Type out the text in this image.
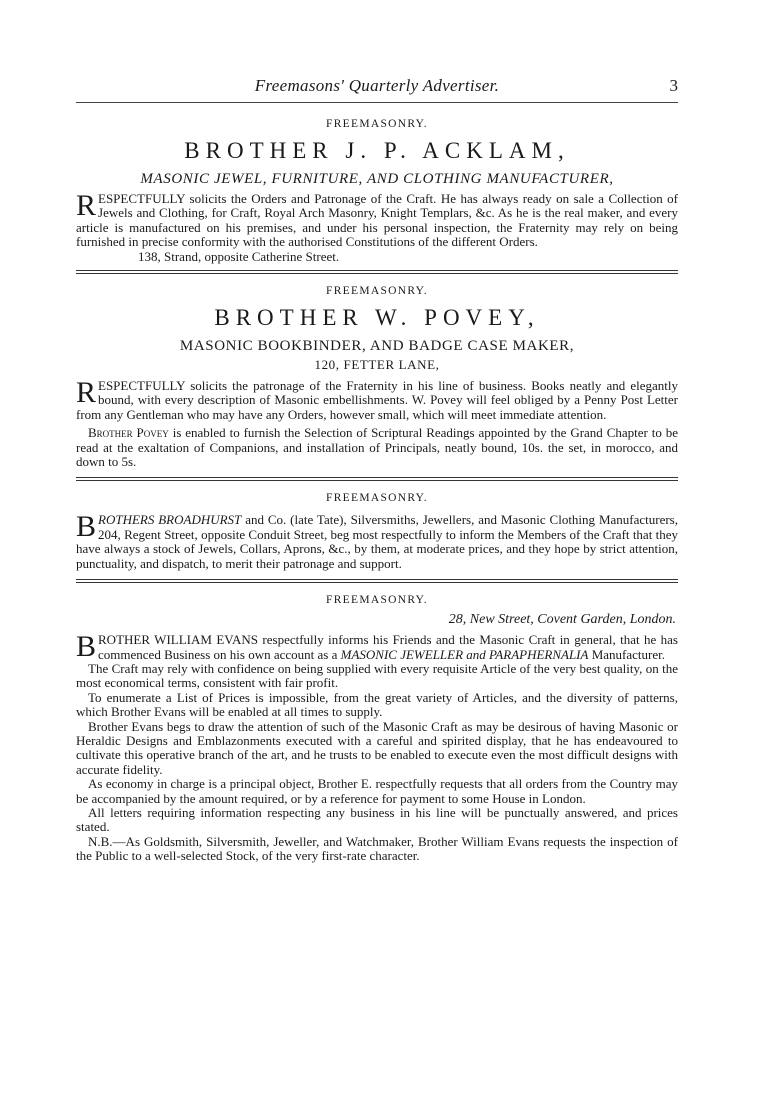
Freemasons' Quarterly Advertiser.	3
FREEMASONRY.
BROTHER J. P. ACKLAM,
MASONIC JEWEL, FURNITURE, AND CLOTHING MANUFACTURER,

RESPECTFULLY solicits the Orders and Patronage of the Craft. He has always ready on sale a Collection of Jewels and Clothing, for Craft, Royal Arch Masonry, Knight Templars, &c. As he is the real maker, and every article is manufactured on his premises, and under his personal inspection, the Fraternity may rely on being furnished in precise conformity with the authorised Constitutions of the different Orders.

138, Strand, opposite Catherine Street.
FREEMASONRY.
BROTHER W. POVEY,
MASONIC BOOKBINDER, AND BADGE CASE MAKER,
120, FETTER LANE,

RESPECTFULLY solicits the patronage of the Fraternity in his line of business. Books neatly and elegantly bound, with every description of Masonic embellishments. W. Povey will feel obliged by a Penny Post Letter from any Gentleman who may have any Orders, however small, which will meet immediate attention.

Brother Povey is enabled to furnish the Selection of Scriptural Readings appointed by the Grand Chapter to be read at the exaltation of Companions, and installation of Principals, neatly bound, 10s. the set, in morocco, and down to 5s.

FREEMASONRY.

BROTHERS BROADHURST and Co. (late Tate), Silversmiths, Jewellers, and Masonic Clothing Manufacturers, 204, Regent Street, opposite Conduit Street, beg most respectfully to inform the Members of the Craft that they have always a stock of Jewels, Collars, Aprons, &c., by them, at moderate prices, and they hope by strict attention, punctuality, and dispatch, to merit their patronage and support.

FREEMASONRY.
28, New Street, Covent Garden, London.

BROTHER WILLIAM EVANS respectfully informs his Friends and the Masonic Craft in general, that he has commenced Business on his own account as a MASONIC JEWELLER and PARAPHERNALIA Manufacturer.

The Craft may rely with confidence on being supplied with every requisite Article of the very best quality, on the most economical terms, consistent with fair profit.

To enumerate a List of Prices is impossible, from the great variety of Articles, and the diversity of patterns, which Brother Evans will be enabled at all times to supply.

Brother Evans begs to draw the attention of such of the Masonic Craft as may be desirous of having Masonic or Heraldic Designs and Emblazonments executed with a careful and spirited display, that he has endeavoured to cultivate this operative branch of the art, and he trusts to be enabled to execute even the most difficult designs with accurate fidelity.

As economy in charge is a principal object, Brother E. respectfully requests that all orders from the Country may be accompanied by the amount required, or by a reference for payment to some House in London.

All letters requiring information respecting any business in his line will be punctually answered, and prices stated.

N.B.—As Goldsmith, Silversmith, Jeweller, and Watchmaker, Brother William Evans requests the inspection of the Public to a well-selected Stock, of the very first-rate character.
